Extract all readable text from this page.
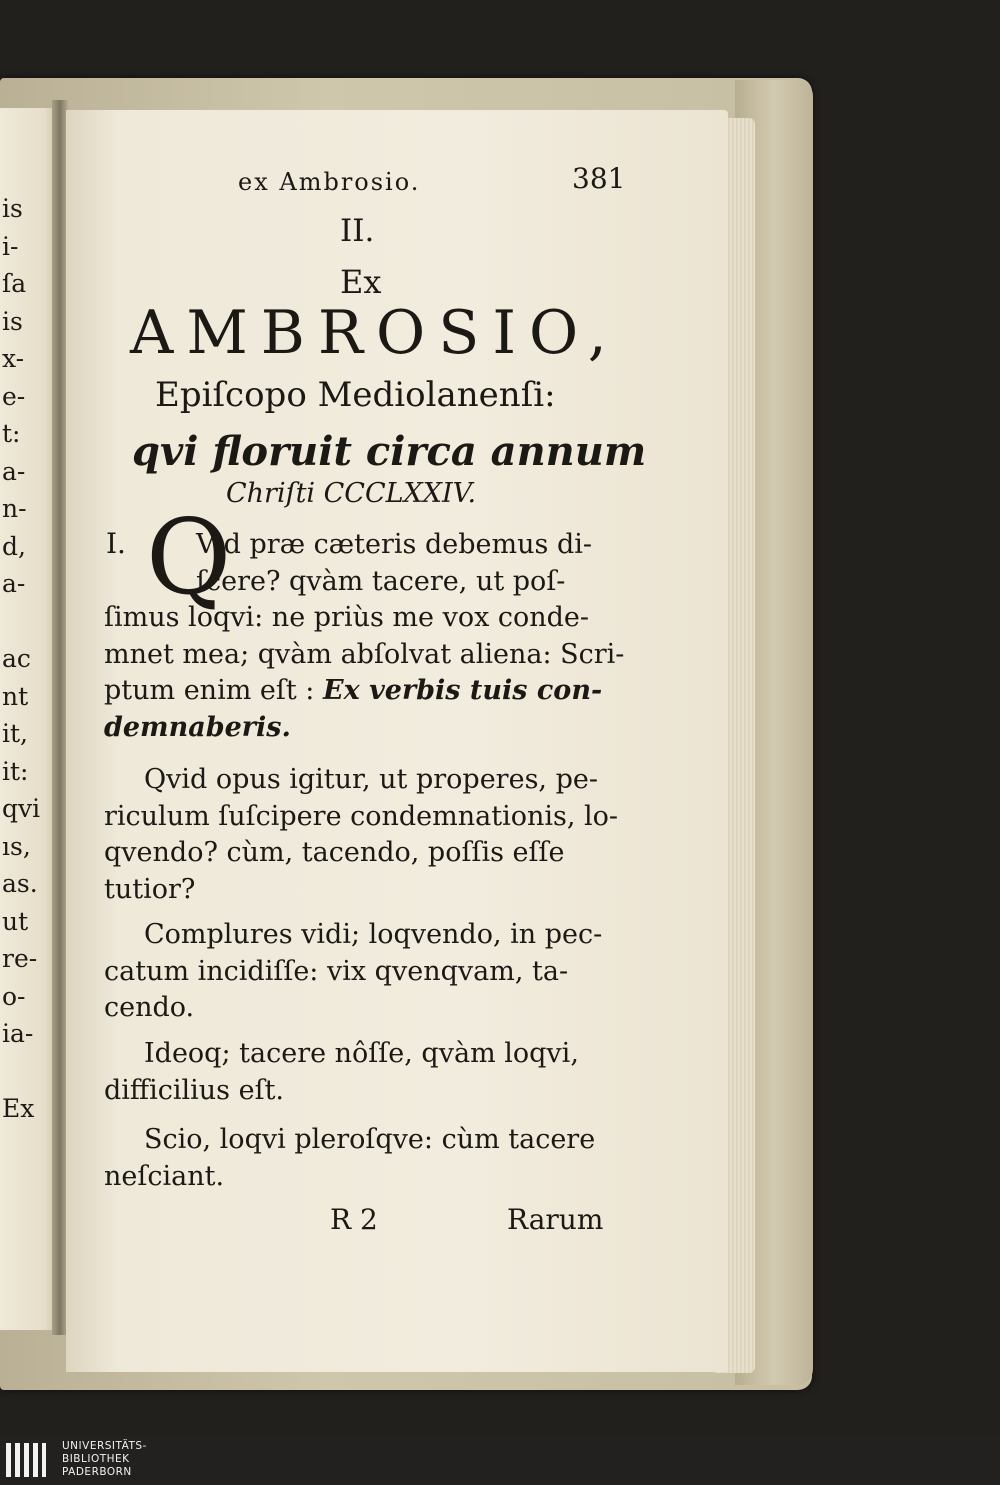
is
i-
ſa
is
x-
e-
t:
a-
n-
d,
a-
ac
nt
it,
it:
qvi
ıs,
as.
ut
re-
o-
ia-
Ex
ex Ambrosio.	381
II.
Ex
AMBROSIO,
Epiſcopo Mediolanenſi:
qvi floruit circa annum
Chriſti CCCLXXIV.
I. Q
Vid præ cæteris debemus di-
ſcere? qvàm tacere, ut poſ-
ſimus loqvi: ne priùs me vox conde-
mnet mea; qvàm abſolvat aliena: Scri-
ptum enim eſt : Ex verbis tuis con-
demnaberis.
Qvid opus igitur, ut properes, pe-
riculum ſuſcipere condemnationis, lo-
qvendo? cùm, tacendo, poſſis eſſe
tutior?
Complures vidi; loqvendo, in pec-
catum incidiſſe: vix qvenqvam, ta-
cendo.
Ideoq; tacere nôſſe, qvàm loqvi,
difficilius eſt.
Scio, loqvi pleroſqve: cùm tacere
neſciant.
R 2	Rarum
UNIVERSITÄTS-
BIBLIOTHEK
PADERBORN
